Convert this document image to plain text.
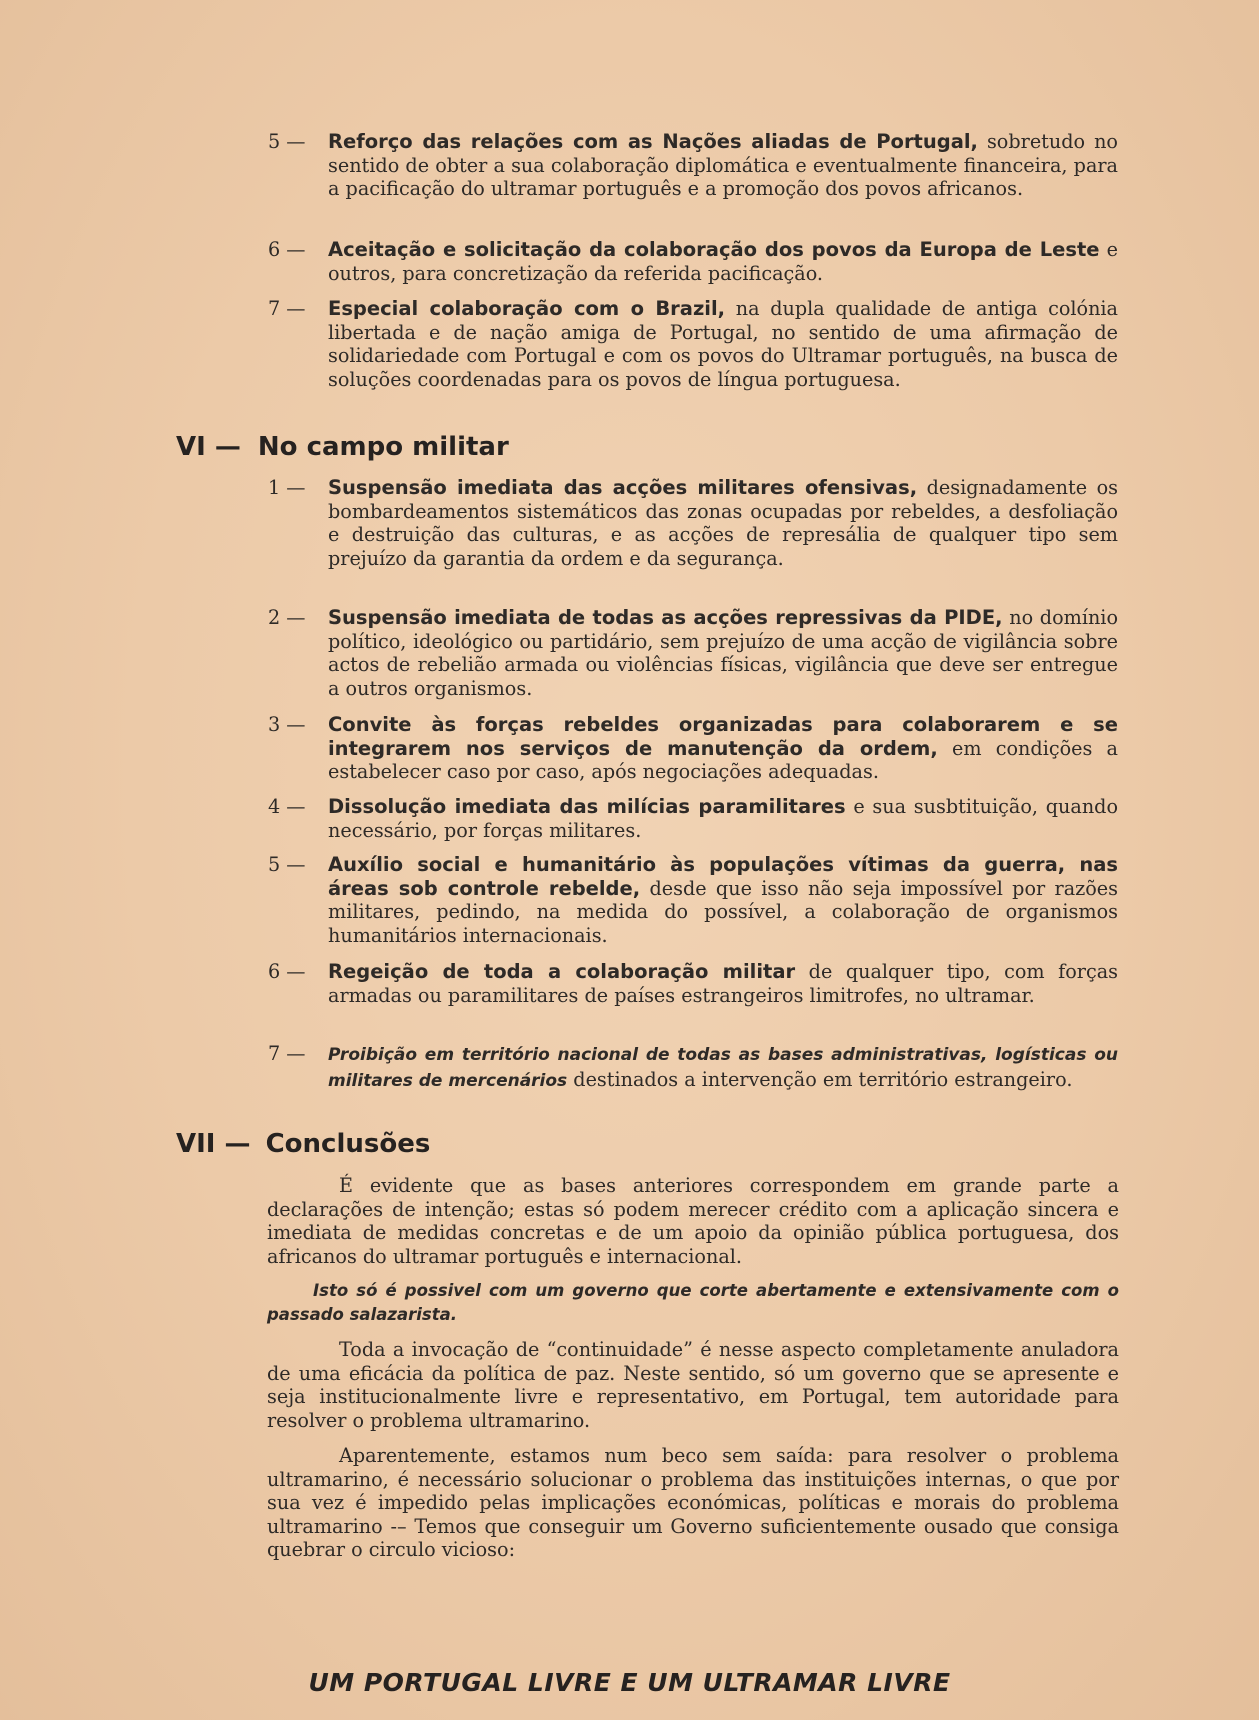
5 —	Reforço das relações com as Nações aliadas de Portugal, sobretudo no sentido de obter a sua colaboração diplomática e eventualmente financeira, para a pacificação do ultramar português e a promoção dos povos africanos.
6 —	Aceitação e solicitação da colaboração dos povos da Europa de Leste e outros, para concretização da referida pacificação.
7 —	Especial colaboração com o Brazil, na dupla qualidade de antiga colónia libertada e de nação amiga de Portugal, no sentido de uma afirmação de solidariedade com Portugal e com os povos do Ultramar português, na busca de soluções coordenadas para os povos de língua portuguesa.
VI — No campo militar
1 —	Suspensão imediata das acções militares ofensivas, designadamente os bombardeamentos sistemáticos das zonas ocupadas por rebeldes, a desfoliação e destruição das culturas, e as acções de represália de qualquer tipo sem prejuízo da garantia da ordem e da segurança.
2 —	Suspensão imediata de todas as acções repressivas da PIDE, no domínio político, ideológico ou partidário, sem prejuízo de uma acção de vigilância sobre actos de rebelião armada ou violências físicas, vigilância que deve ser entregue a outros organismos.
3 —	Convite às forças rebeldes organizadas para colaborarem e se integrarem nos serviços de manutenção da ordem, em condições a estabelecer caso por caso, após negociações adequadas.
4 —	Dissolução imediata das milícias paramilitares e sua susbtituição, quando necessário, por forças militares.
5 —	Auxílio social e humanitário às populações vítimas da guerra, nas áreas sob controle rebelde, desde que isso não seja impossível por razões militares, pedindo, na medida do possível, a colaboração de organismos humanitários internacionais.
6 —	Regeição de toda a colaboração militar de qualquer tipo, com forças armadas ou paramilitares de países estrangeiros limitrofes, no ultramar.
7 —	Proibição em território nacional de todas as bases administrativas, logísticas ou militares de mercenários destinados a intervenção em território estrangeiro.
VII — Conclusões
É evidente que as bases anteriores correspondem em grande parte a declarações de intenção; estas só podem merecer crédito com a aplicação sincera e imediata de medidas concretas e de um apoio da opinião pública portuguesa, dos africanos do ultramar português e internacional.
Isto só é possivel com um governo que corte abertamente e extensivamente com o passado salazarista.
Toda a invocação de “continuidade” é nesse aspecto completamente anuladora de uma eficácia da política de paz. Neste sentido, só um governo que se apresente e seja institucionalmente livre e representativo, em Portugal, tem autoridade para resolver o problema ultramarino.
Aparentemente, estamos num beco sem saída: para resolver o problema ultramarino, é necessário solucionar o problema das instituições internas, o que por sua vez é impedido pelas implicações económicas, políticas e morais do problema ultramarino -– Temos que conseguir um Governo suficientemente ousado que consiga quebrar o circulo vicioso:
UM PORTUGAL LIVRE E UM ULTRAMAR LIVRE
